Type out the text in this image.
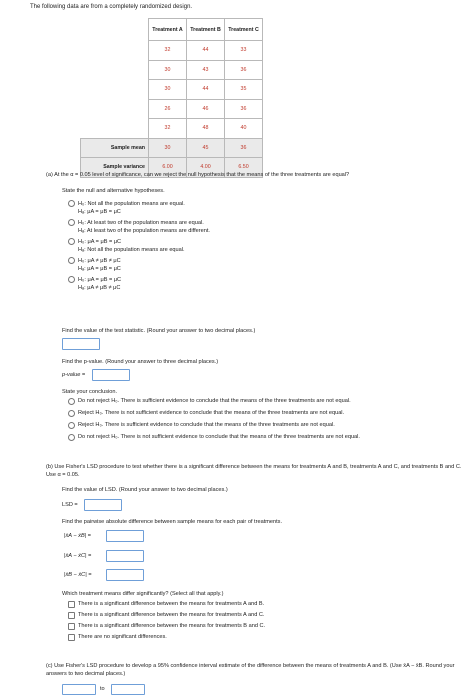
The following data are from a completely randomized design.
	Treatment A	Treatment B	Treatment C
	32	44	33
	30	43	36
	30	44	35
	26	46	36
	32	48	40
Sample mean	30	45	36
Sample variance	6.00	4.00	6.50
(a) At the α = 0.05 level of significance, can we reject the null hypothesis that the means of the three treatments are equal?
State the null and alternative hypotheses.
H₀: Not all the population means are equal.
Hₐ: μA = μB = μC
H₀: At least two of the population means are equal.
Hₐ: At least two of the population means are different.
H₀: μA = μB = μC
Hₐ: Not all the population means are equal.
H₀: μA ≠ μB ≠ μC
Hₐ: μA = μB = μC
H₀: μA = μB = μC
Hₐ: μA ≠ μB ≠ μC
Find the value of the test statistic. (Round your answer to two decimal places.)
Find the p-value. (Round your answer to three decimal places.)
p-value =
State your conclusion.
Do not reject H₀. There is sufficient evidence to conclude that the means of the three treatments are not equal.
Reject H₀. There is not sufficient evidence to conclude that the means of the three treatments are not equal.
Reject H₀. There is sufficient evidence to conclude that the means of the three treatments are not equal.
Do not reject H₀. There is not sufficient evidence to conclude that the means of the three treatments are not equal.
(b) Use Fisher's LSD procedure to test whether there is a significant difference between the means for treatments A and B, treatments A and C, and treatments B and C. Use α = 0.05.
Find the value of LSD. (Round your answer to two decimal places.)
LSD =
Find the pairwise absolute difference between sample means for each pair of treatments.
|x̄A − x̄B| =
|x̄A − x̄C| =
|x̄B − x̄C| =
Which treatment means differ significantly? (Select all that apply.)
There is a significant difference between the means for treatments A and B.
There is a significant difference between the means for treatments A and C.
There is a significant difference between the means for treatments B and C.
There are no significant differences.
(c) Use Fisher's LSD procedure to develop a 95% confidence interval estimate of the difference between the means of treatments A and B. (Use x̄A − x̄B. Round your answers to two decimal places.)
to
